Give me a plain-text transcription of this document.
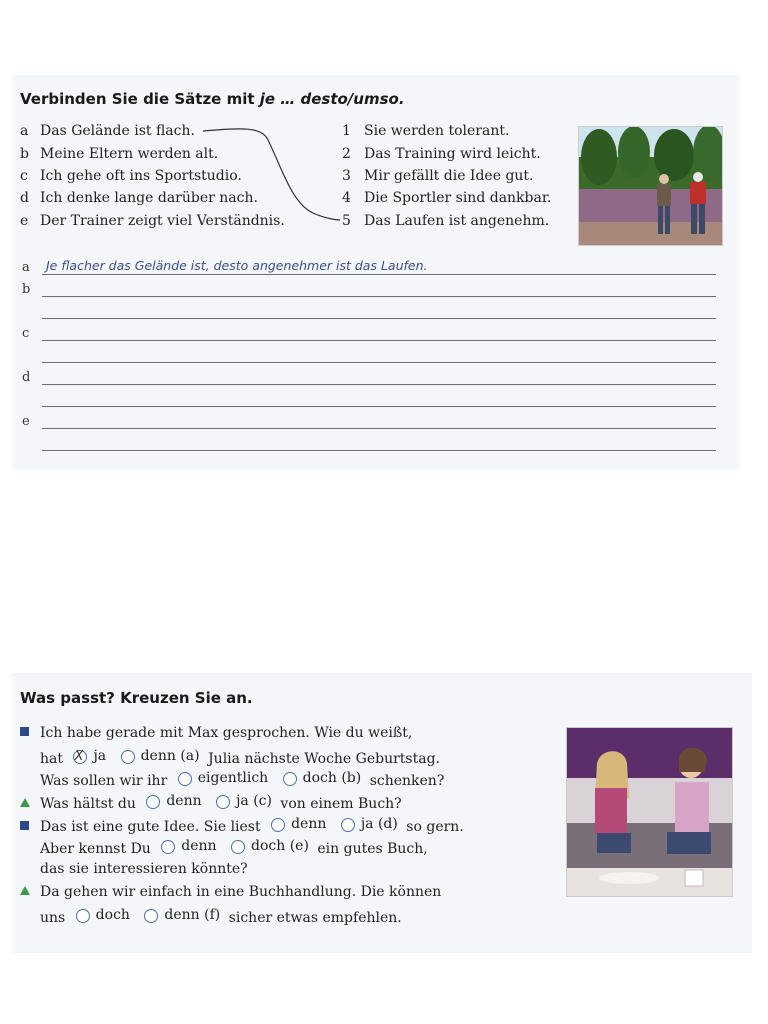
Verbinden Sie die Sätze mit je … desto/umso.
a Das Gelände ist flach.
b Meine Eltern werden alt.
c Ich gehe oft ins Sportstudio.
d Ich denke lange darüber nach.
e Der Trainer zeigt viel Verständnis.
1 Sie werden tolerant.
2 Das Training wird leicht.
3 Mir gefällt die Idee gut.
4 Die Sportler sind dankbar.
5 Das Laufen ist angenehm.
a Je flacher das Gelände ist, desto angenehmer ist das Laufen.
b
c
d
e
Was passt? Kreuzen Sie an.
Ich habe gerade mit Max gesprochen. Wie du weißt,
hat
X ja
denn (a) Julia nächste Woche Geburtstag.
Was sollen wir ihr eigentlich
doch (b) schenken?
Was hältst du denn
ja (c) von einem Buch?
Das ist eine gute Idee. Sie liest denn
ja (d) so gern.
Aber kennst Du denn
doch (e) ein gutes Buch,
das sie interessieren könnte?
Da gehen wir einfach in eine Buchhandlung. Die können
uns doch
denn (f) sicher etwas empfehlen.
